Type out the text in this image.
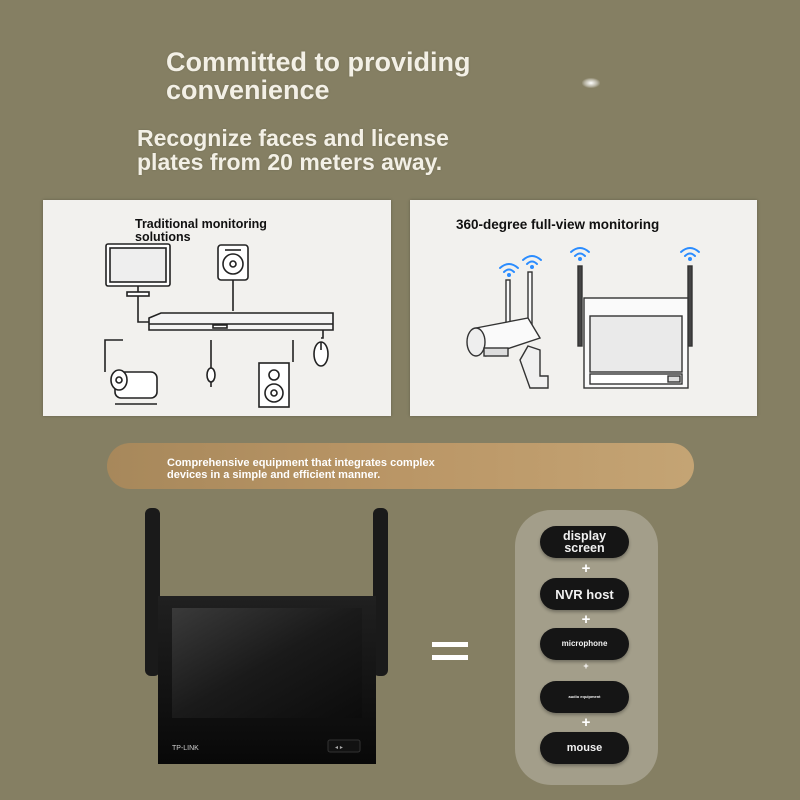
Committed to providing
convenience
Recognize faces and license
plates from 20 meters away.
Traditional monitoring
solutions
360-degree full-view monitoring
Comprehensive equipment that integrates complex
devices in a simple and efficient manner.
TP-LINK	◂ ▸
display
screen
+
NVR host
+
microphone
+
audio equipment
+
mouse
